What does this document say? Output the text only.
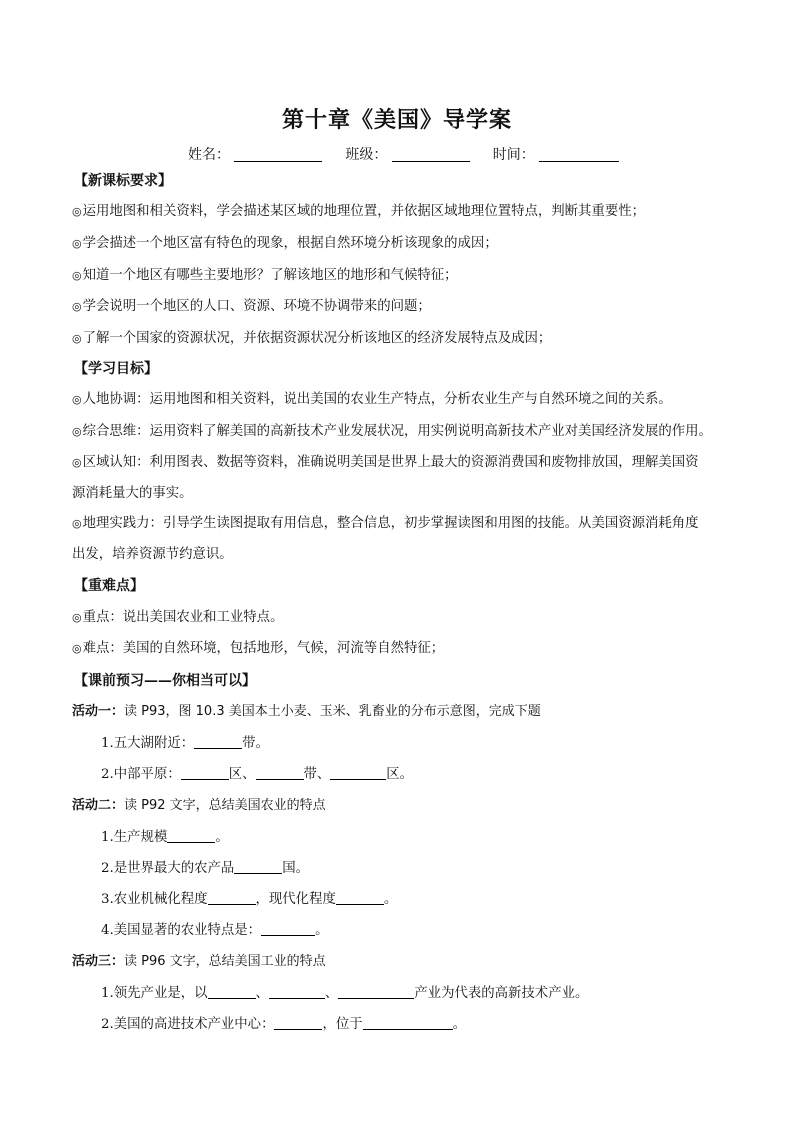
第十章《美国》导学案
姓名：	班级：	时间：
【新课标要求】
◎运用地图和相关资料，学会描述某区域的地理位置，并依据区域地理位置特点，判断其重要性；
◎学会描述一个地区富有特色的现象，根据自然环境分析该现象的成因；
◎知道一个地区有哪些主要地形？了解该地区的地形和气候特征；
◎学会说明一个地区的人口、资源、环境不协调带来的问题；
◎了解一个国家的资源状况，并依据资源状况分析该地区的经济发展特点及成因；
【学习目标】
◎人地协调：运用地图和相关资料，说出美国的农业生产特点，分析农业生产与自然环境之间的关系。
◎综合思维：运用资料了解美国的高新技术产业发展状况，用实例说明高新技术产业对美国经济发展的作用。
◎区域认知：利用图表、数据等资料，准确说明美国是世界上最大的资源消费国和废物排放国，理解美国资
源消耗量大的事实。
◎地理实践力：引导学生读图提取有用信息，整合信息，初步掌握读图和用图的技能。从美国资源消耗角度
出发，培养资源节约意识。
【重难点】
◎重点：说出美国农业和工业特点。
◎难点：美国的自然环境，包括地形，气候，河流等自然特征；
【课前预习——你相当可以】
活动一：读 P93，图 10.3 美国本土小麦、玉米、乳畜业的分布示意图，完成下题
1.五大湖附近：	带。
2.中部平原：	区、	带、	区。
活动二：读 P92 文字，总结美国农业的特点
1.生产规模	。
2.是世界最大的农产品	国。
3.农业机械化程度	，现代化程度	。
4.美国显著的农业特点是：	。
活动三：读 P96 文字，总结美国工业的特点
1.领先产业是，以	、	、	产业为代表的高新技术产业。
2.美国的高进技术产业中心：	，位于	。
